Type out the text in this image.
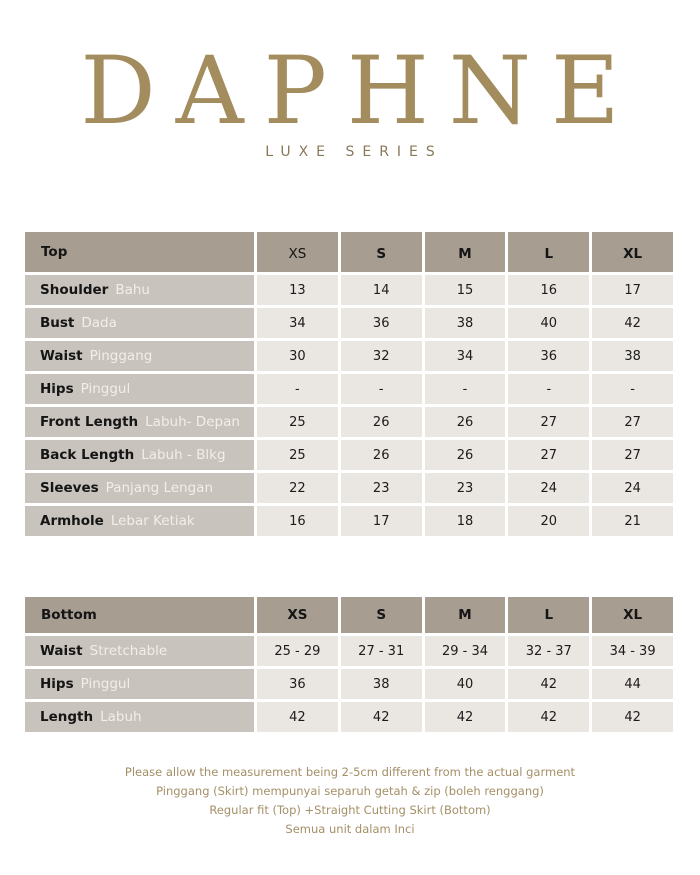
DAPHNE
LUXE SERIES
Top	XS	S	M	L	XL
Shoulder Bahu	13	14	15	16	17
Bust Dada	34	36	38	40	42
Waist Pinggang	30	32	34	36	38
Hips Pinggul	-	-	-	-	-
Front Length Labuh- Depan	25	26	26	27	27
Back Length Labuh - Blkg	25	26	26	27	27
Sleeves Panjang Lengan	22	23	23	24	24
Armhole Lebar Ketiak	16	17	18	20	21
Bottom	XS	S	M	L	XL
Waist Stretchable	25 - 29	27 - 31	29 - 34	32 - 37	34 - 39
Hips Pinggul	36	38	40	42	44
Length Labuh	42	42	42	42	42
Please allow the measurement being 2-5cm different from the actual garment
Pinggang (Skirt) mempunyai separuh getah & zip (boleh renggang)
Regular fit (Top) +Straight Cutting Skirt (Bottom)
Semua unit dalam Inci
